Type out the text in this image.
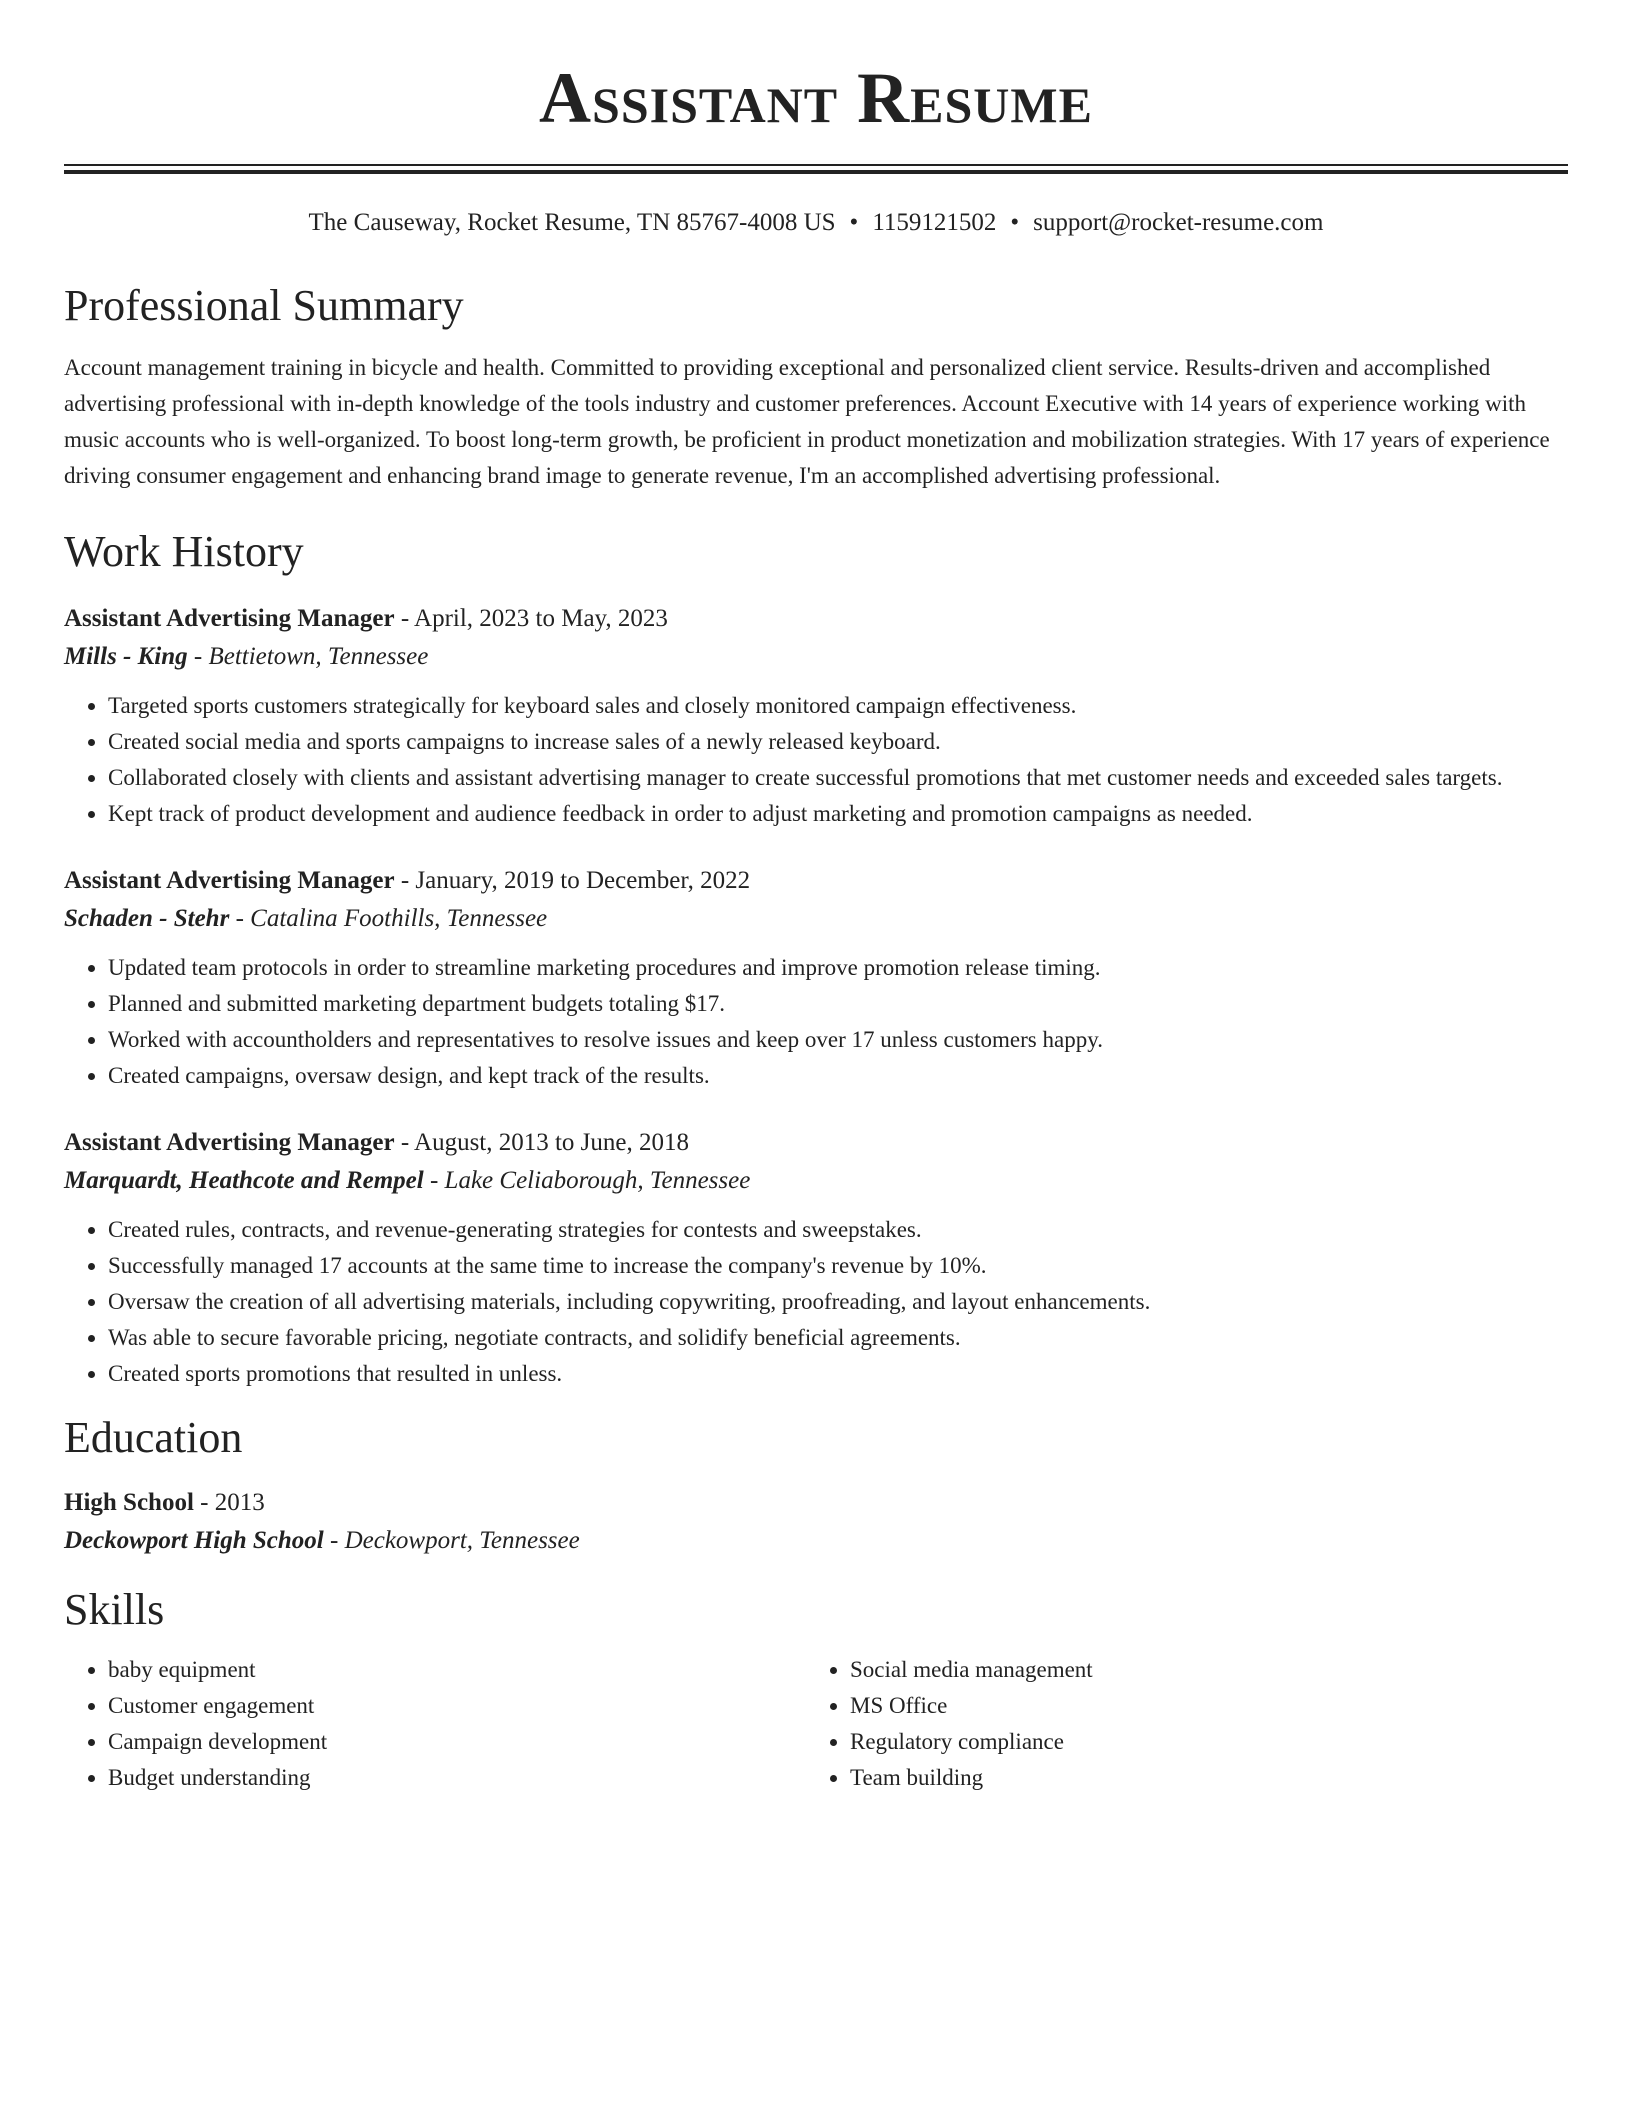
Assistant Resume
The Causeway, Rocket Resume, TN 85767-4008 US • 1159121502 • support@rocket-resume.com
Professional Summary

Account management training in bicycle and health. Committed to providing exceptional and personalized client service. Results-driven and accomplished advertising professional with in-depth knowledge of the tools industry and customer preferences. Account Executive with 14 years of experience working with music accounts who is well-organized. To boost long-term growth, be proficient in product monetization and mobilization strategies. With 17 years of experience driving consumer engagement and enhancing brand image to generate revenue, I'm an accomplished advertising professional.

Work History
Assistant Advertising Manager - April, 2023 to May, 2023
Mills - King - Bettietown, Tennessee
• Targeted sports customers strategically for keyboard sales and closely monitored campaign effectiveness.
• Created social media and sports campaigns to increase sales of a newly released keyboard.
• Collaborated closely with clients and assistant advertising manager to create successful promotions that met customer needs and exceeded sales targets.
• Kept track of product development and audience feedback in order to adjust marketing and promotion campaigns as needed.
Assistant Advertising Manager - January, 2019 to December, 2022
Schaden - Stehr - Catalina Foothills, Tennessee
• Updated team protocols in order to streamline marketing procedures and improve promotion release timing.
• Planned and submitted marketing department budgets totaling $17.
• Worked with accountholders and representatives to resolve issues and keep over 17 unless customers happy.
• Created campaigns, oversaw design, and kept track of the results.
Assistant Advertising Manager - August, 2013 to June, 2018
Marquardt, Heathcote and Rempel - Lake Celiaborough, Tennessee
• Created rules, contracts, and revenue-generating strategies for contests and sweepstakes.
• Successfully managed 17 accounts at the same time to increase the company's revenue by 10%.
• Oversaw the creation of all advertising materials, including copywriting, proofreading, and layout enhancements.
• Was able to secure favorable pricing, negotiate contracts, and solidify beneficial agreements.
• Created sports promotions that resulted in unless.
Education
High School - 2013
Deckowport High School - Deckowport, Tennessee
Skills
• baby equipment
• Customer engagement
• Campaign development
• Budget understanding
• Social media management
• MS Office
• Regulatory compliance
• Team building
